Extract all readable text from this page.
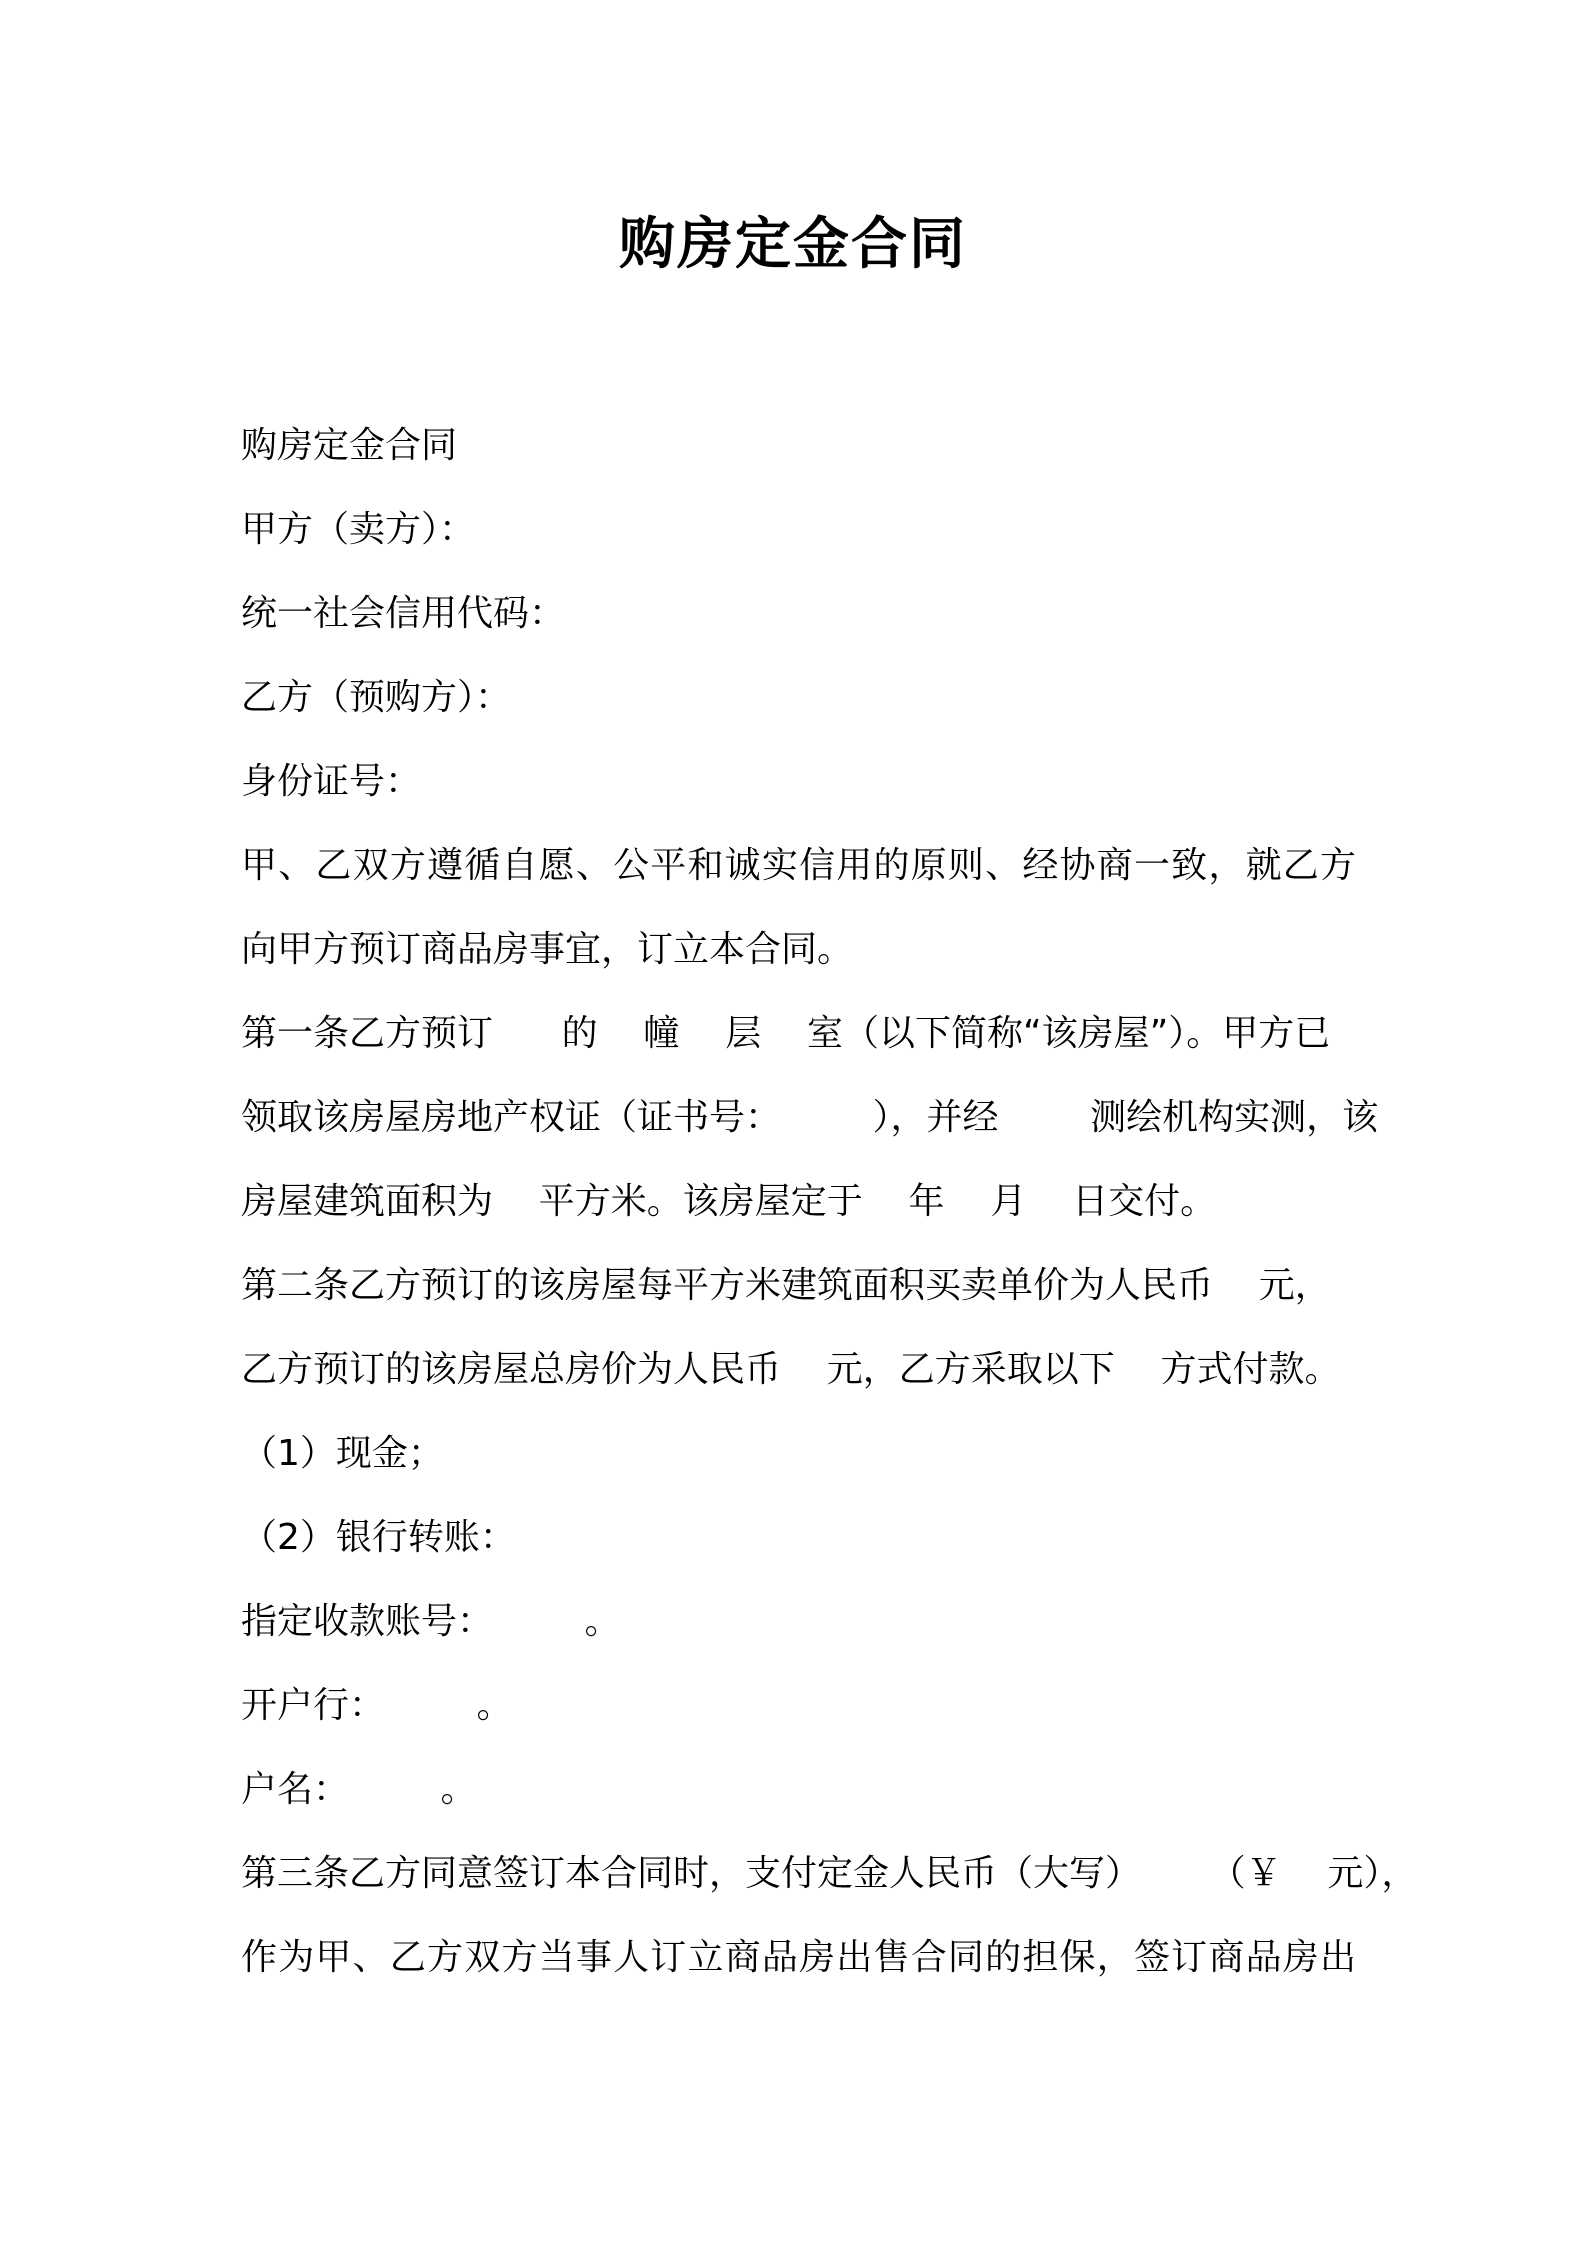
购房定金合同
购房定金合同
甲方（卖方）：
统一社会信用代码：
乙方（预购方）：
身份证号：
甲、乙双方遵循自愿、公平和诚实信用的原则、经协商一致，就乙方
向甲方预订商品房事宜，订立本合同。
第一条乙方预订      的    幢    层    室（以下简称“该房屋”）。甲方已
领取该房屋房地产权证（证书号：        ），并经        测绘机构实测，该
房屋建筑面积为    平方米。该房屋定于    年    月    日交付。
第二条乙方预订的该房屋每平方米建筑面积买卖单价为人民币    元，
乙方预订的该房屋总房价为人民币    元，乙方采取以下    方式付款。
（1）现金；
（2）银行转账：
指定收款账号：        。
开户行：        。
户名：        。
第三条乙方同意签订本合同时，支付定金人民币（大写）      （￥    元），
作为甲、乙方双方当事人订立商品房出售合同的担保，签订商品房出
